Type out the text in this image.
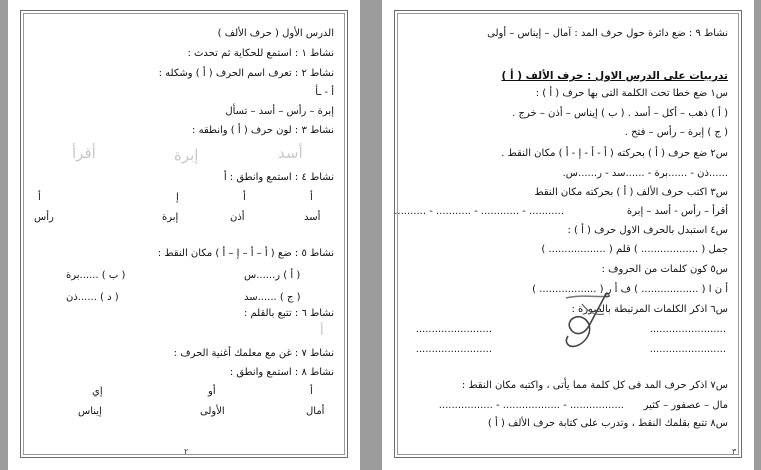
الدرس الأول ( حرف الألف )
نشاط ١ : استمع للحكاية ثم تحدث :
نشاط ٢ : تعرف اسم الحرف ( أ ) وشكله :
أ - ـأ
إبرة – رأس – أسد – تسأل
نشاط ٣ : لون حرف ( أ ) وانطقه :
أسد
إبرة
أقرأ
نشاط ٤ : استمع وانطق : أ
أ
أ
إ
أ
أسد
أذن
إبرة
رأس
نشاط ٥ : ضع ( أ – أ – إ – أ ) مكان النقط :
( أ ) ر......س
( ب ) ......برة
( ج ) ......سد
( د ) ......ذن
نشاط ٦ : تتبع بالقلم :
أ
نشاط ٧ : غن مع معلمك أغنية الحرف :
نشاط ٨ : استمع وانطق :
أ
أو
إي
أمال
الأولى
إيناس
٢
نشاط ٩ : ضع دائرة حول حرف المد : آمال – إيناس – أولى
تدريبات على الدرس الاول : حرف الألف ( أ )
س١ ضع خطا تحت الكلمة التى بها حرف ( أ ) :
( أ ) ذهب – أكل – أسد . ( ب ) إيناس – أذن – خرج .
( ج ) إبرة – رأس – فتح .
س٢ ضع حرف ( أ ) بحركته ( أ - أ - إ - أ ) مكان النقط .
......ذن - ......برة - ......سد - ر......س.
س٣ اكتب حرف الألف ( أ ) بحركته مكان النقط
أقرأ – رأس - أسد – إبرة
........... - ............ - ........... - ..........
س٤ استبدل بالحرف الاول حرف ( أ ) :
جمل ( .................. ) قلم ( .................. )
س٥ كون كلمات من الحروف :
أ ن ا ( .................. ) ف أ ر ( .................. )
س٦ اذكر الكلمات المرتبطة بالصورة :
........................
........................
........................
........................
س٧ اذكر حرف المد فى كل كلمة مما يأتى ، واكتبه مكان النقط :
مال – عصفور – كثير
................. - .................. - .................
س٨ تتبع بقلمك النقط ، وتدرب على كتابة حرف الألف ( أ )
٣
